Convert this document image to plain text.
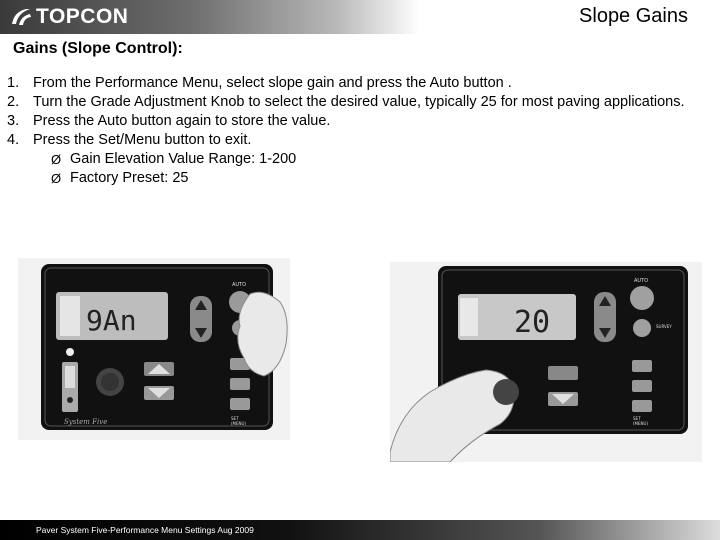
TOPCON	Slope Gains
Gains (Slope Control):
1. From the Performance Menu, select slope gain and press the Auto button .
2. Turn the Grade Adjustment Knob to select the desired value, typically 25 for most paving applications.
3. Press the Auto button again to store the value.
4. Press the Set/Menu button to exit.
Ø Gain Elevation Value Range: 1-200
Ø Factory Preset: 25
9An
AUTO
SET
(MENU)
System Five
20
AUTO
SURVEY
SET
(MENU)
Paver System Five-Performance Menu Settings Aug 2009
